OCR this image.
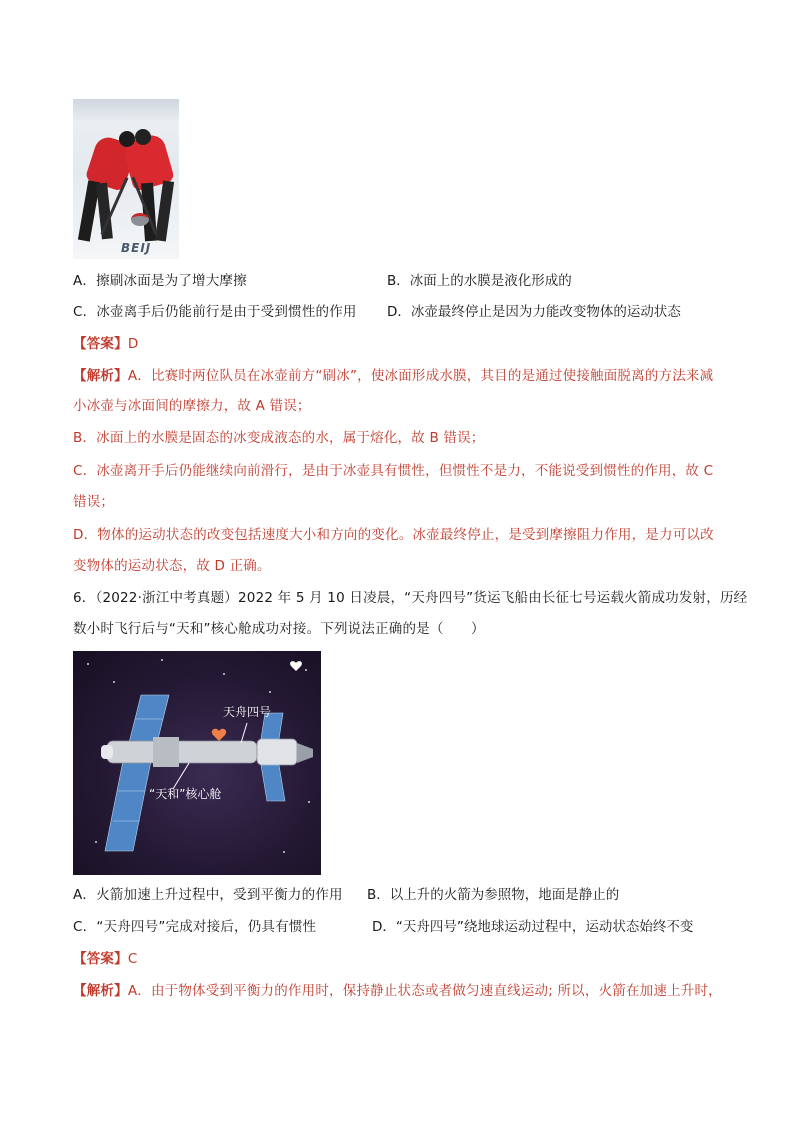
BEIJ
A．擦刷冰面是为了增大摩擦	B．冰面上的水膜是液化形成的
C．冰壶离手后仍能前行是由于受到惯性的作用 D．冰壶最终停止是因为力能改变物体的运动状态
【答案】D
【解析】A．比赛时两位队员在冰壶前方“刷冰”，使冰面形成水膜，其目的是通过使接触面脱离的方法来减
小冰壶与冰面间的摩擦力，故 A 错误；
B．冰面上的水膜是固态的冰变成液态的水，属于熔化，故 B 错误；
C．冰壶离开手后仍能继续向前滑行，是由于冰壶具有惯性，但惯性不是力，不能说受到惯性的作用，故 C
错误；
D．物体的运动状态的改变包括速度大小和方向的变化。冰壶最终停止，是受到摩擦阻力作用，是力可以改
变物体的运动状态，故 D 正确。
6．（2022·浙江中考真题）2022 年 5 月 10 日凌晨，“天舟四号”货运飞船由长征七号运载火箭成功发射，历经
数小时飞行后与“天和”核心舱成功对接。下列说法正确的是（　　）
天舟四号
“天和”核心舱
A．火箭加速上升过程中，受到平衡力的作用 B．以上升的火箭为参照物，地面是静止的
C．“天舟四号”完成对接后，仍具有惯性	D．“天舟四号”绕地球运动过程中，运动状态始终不变
【答案】C
【解析】A．由于物体受到平衡力的作用时，保持静止状态或者做匀速直线运动; 所以，火箭在加速上升时，
